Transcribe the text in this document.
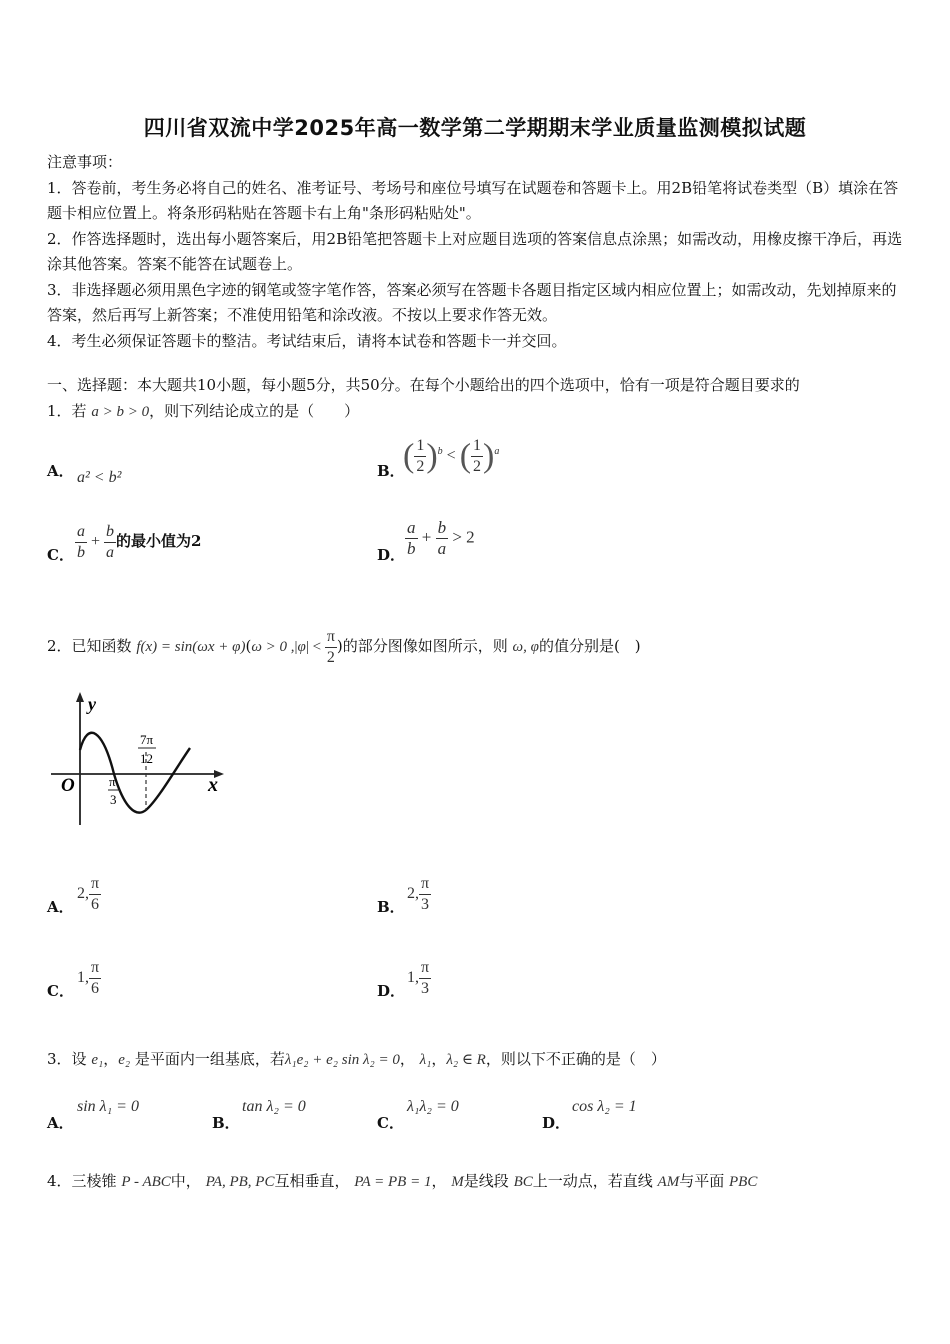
四川省双流中学2025年高一数学第二学期期末学业质量监测模拟试题
注意事项：
1．答卷前，考生务必将自己的姓名、准考证号、考场号和座位号填写在试题卷和答题卡上。用2B铅笔将试卷类型（B）填涂在答题卡相应位置上。将条形码粘贴在答题卡右上角"条形码粘贴处"。
2．作答选择题时，选出每小题答案后，用2B铅笔把答题卡上对应题目选项的答案信息点涂黑；如需改动，用橡皮擦干净后，再选涂其他答案。答案不能答在试题卷上。
3．非选择题必须用黑色字迹的钢笔或签字笔作答，答案必须写在答题卡各题目指定区域内相应位置上；如需改动，先划掉原来的答案，然后再写上新答案；不准使用铅笔和涂改液。不按以上要求作答无效。
4．考生必须保证答题卡的整洁。考试结束后，请将本试卷和答题卡一并交回。
一、选择题：本大题共10小题，每小题5分，共50分。在每个小题给出的四个选项中，恰有一项是符合题目要求的
1．若 a > b > 0，则下列结论成立的是（　　）
A． a² < b²	B．
( $\frac{1}{2} )^b$ < ( $\frac{1}{2} )^a$
C． $\frac{a}{b} + \frac{b}{a}$ 的最小值为2
D． $\frac{a}{b} + \frac{b}{a} > 2$
2．已知函数 f(x) = sin(ωx + φ)(ω > 0 $,|\varphi| < \frac{\pi}{2}$ )的部分图像如图所示，则 ω, φ的值分别是(　)
y
x
O	π
3
7π
12
A．
2, $\frac{\pi}{6}$	B．
2, $\frac{\pi}{3}$
C．
1, $\frac{\pi}{6}$	D．
1, $\frac{\pi}{3}$
3．设 e₁，e₂ 是平面内一组基底，若λ₁e₂ + e₂ sin λ₂ = 0， λ₁，λ₂ ∈ R，则以下不正确的是（　）
A．
sin λ₁ = 0
B．
tan λ₂ = 0
C．
λ₁λ₂ = 0
D．
cos λ₂ = 1
4．三棱锥 P - ABC中， PA, PB, PC互相垂直， PA = PB = 1， M是线段 BC上一动点，若直线 AM与平面 PBC
